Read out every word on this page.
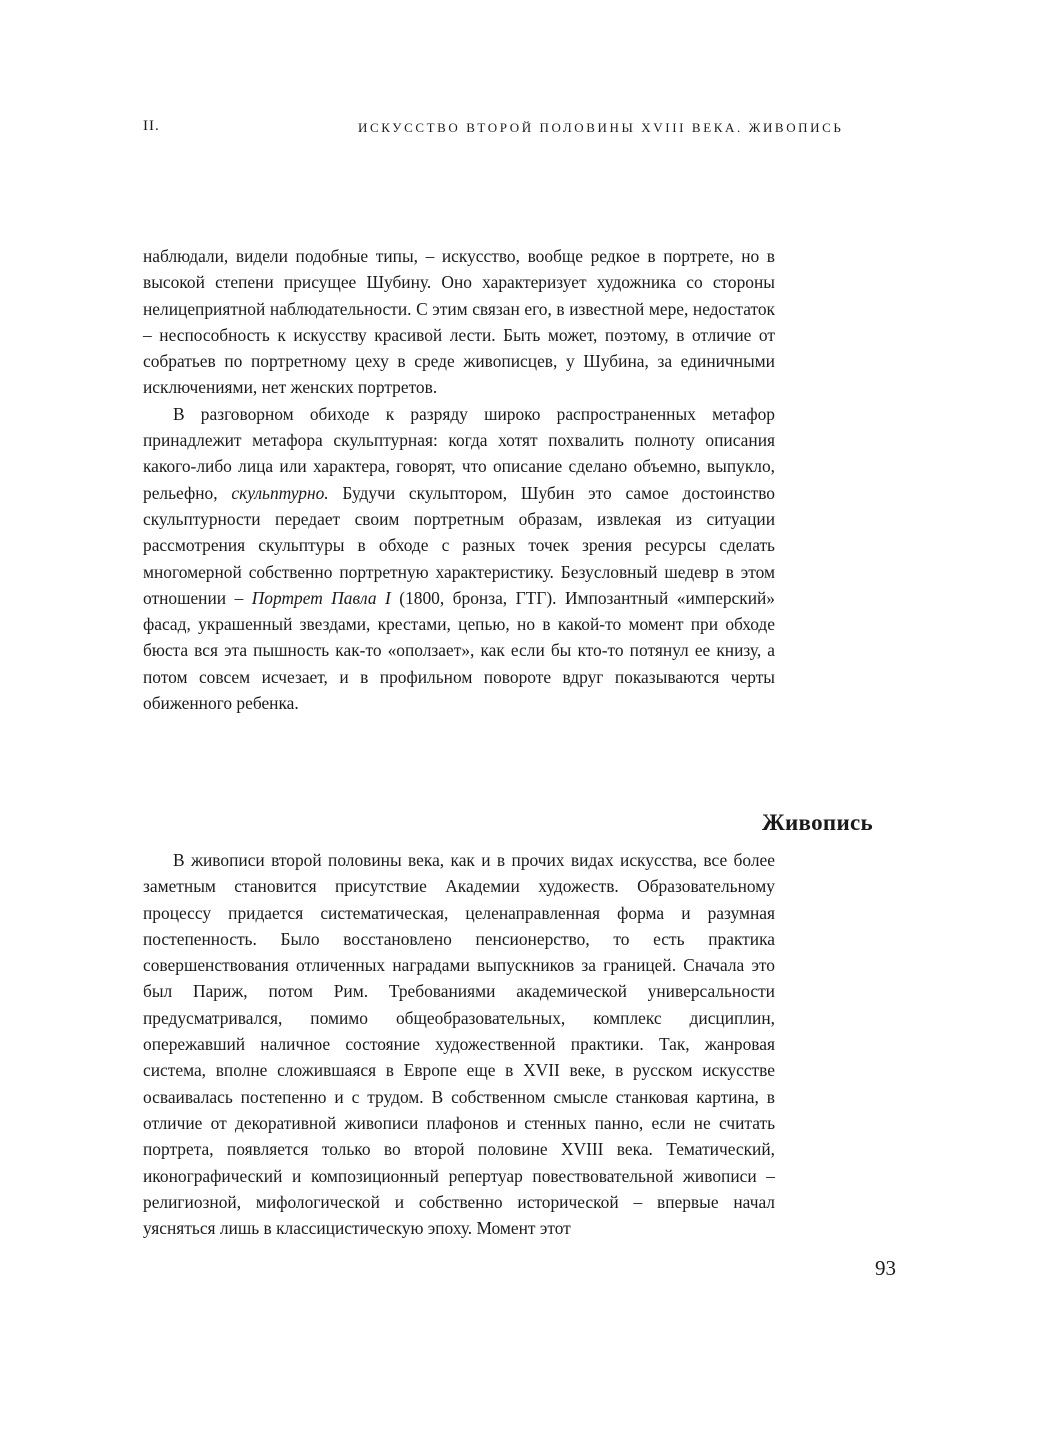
II.	ИСКУССТВО ВТОРОЙ ПОЛОВИНЫ XVIII ВЕКА. ЖИВОПИСЬ

наблюдали, видели подобные типы, – искусство, вообще редкое в портрете, но в высокой степени присущее Шубину. Оно характеризует художника со стороны нелицеприятной наблюдательности. С этим связан его, в известной мере, недостаток – неспособность к искусству красивой лести. Быть может, поэтому, в отличие от собратьев по портретному цеху в среде живописцев, у Шубина, за единичными исключениями, нет женских портретов.

В разговорном обиходе к разряду широко распространенных метафор принадлежит метафора скульптурная: когда хотят похвалить полноту описания какого-либо лица или характера, говорят, что описание сделано объемно, выпукло, рельефно, скульптурно. Будучи скульптором, Шубин это самое достоинство скульптурности передает своим портретным образам, извлекая из ситуации рассмотрения скульптуры в обходе с разных точек зрения ресурсы сделать многомерной собственно портретную характеристику. Безусловный шедевр в этом отношении – Портрет Павла I (1800, бронза, ГТГ). Импозантный «имперский» фасад, украшенный звездами, крестами, цепью, но в какой-то момент при обходе бюста вся эта пышность как-то «оползает», как если бы кто-то потянул ее книзу, а потом совсем исчезает, и в профильном повороте вдруг показываются черты обиженного ребенка.

Живопись

В живописи второй половины века, как и в прочих видах искусства, все более заметным становится присутствие Академии художеств. Образовательному процессу придается систематическая, целенаправленная форма и разумная постепенность. Было восстановлено пенсионерство, то есть практика совершенствования отличенных наградами выпускников за границей. Сначала это был Париж, потом Рим. Требованиями академической универсальности предусматривался, помимо общеобразовательных, комплекс дисциплин, опережавший наличное состояние художественной практики. Так, жанровая система, вполне сложившаяся в Европе еще в XVII веке, в русском искусстве осваивалась постепенно и с трудом. В собственном смысле станковая картина, в отличие от декоративной живописи плафонов и стенных панно, если не считать портрета, появляется только во второй половине XVIII века. Тематический, иконографический и композиционный репертуар повествовательной живописи – религиозной, мифологической и собственно исторической – впервые начал уясняться лишь в классицистическую эпоху. Момент этот

93
